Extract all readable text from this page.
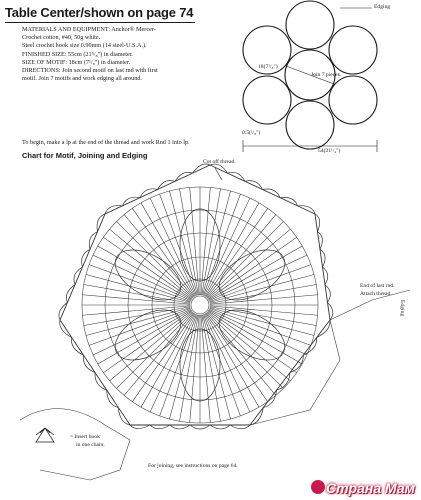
Table Center/shown on page 74

MATERIALS AND EQUIPMENT: Anchor® Mercer-

Crochet cotton, #40, 50g white.

Steel crochet hook size 0.90mm (14 steel-U.S.A.).

FINISHED SIZE: 55cm (21⁵/₈") in diameter.

SIZE OF MOTIF: 18cm (7¹/₈") in diameter.

DIRECTIONS: Join second motif on last rnd with first

motif. Join 7 motifs and work edging all around.

To begin, make a lp at the end of the thread and work Rnd 1 into lp.
Chart for Motif, Joining and Edging
Edging
18(7¹/₈")
Join 7 pieces.
0.5(¹/₈")
54(21¹/₄")
Cut off thread.
End of last rnd.
Attach thread.
Edging
= Insert hook
in one chain.
For joining, see instructions on page 64.
Страна Мам
